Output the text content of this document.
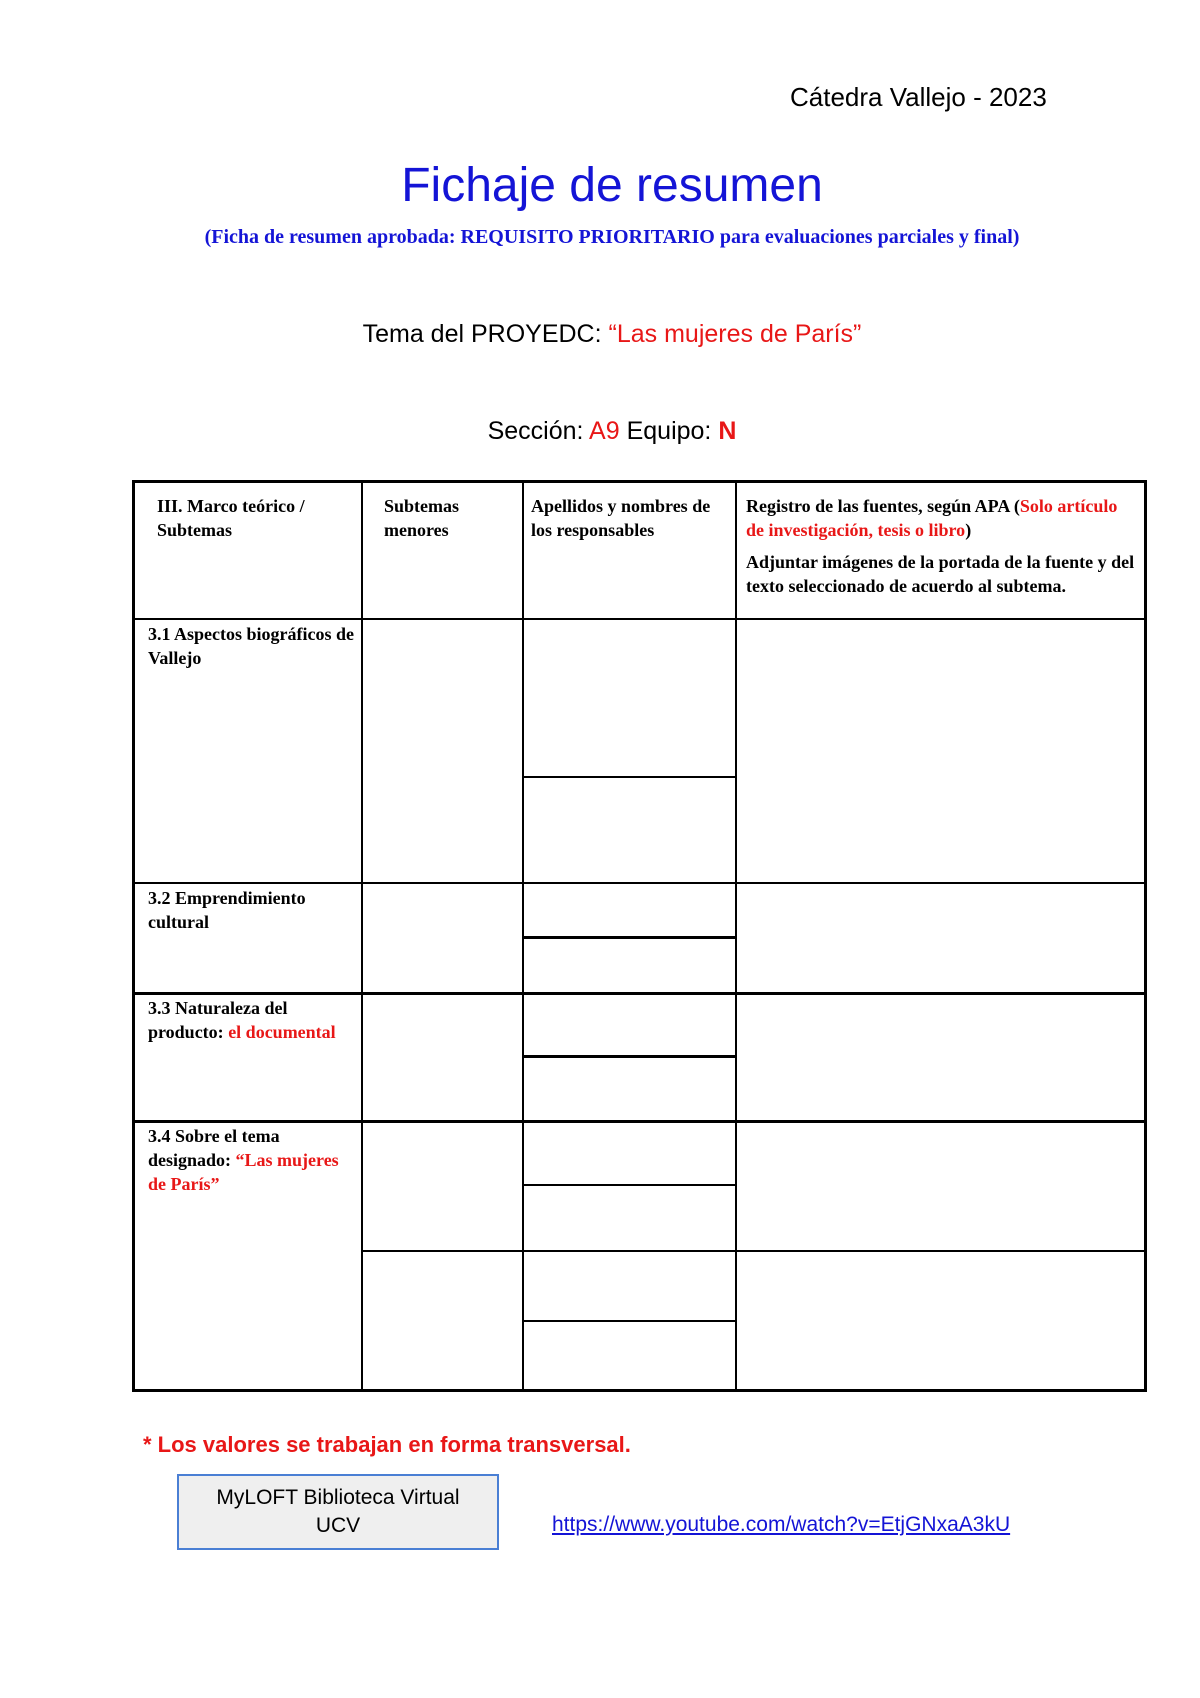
Cátedra Vallejo - 2023
Fichaje de resumen
(Ficha de resumen aprobada: REQUISITO PRIORITARIO para evaluaciones parciales y final)
Tema del PROYEDC: “Las mujeres de París”
Sección: A9 Equipo: N
III. Marco teórico / Subtemas
Subtemas menores
Apellidos y nombres de los responsables
Registro de las fuentes, según APA (Solo artículo de investigación, tesis o libro)
Adjuntar imágenes de la portada de la fuente y del texto seleccionado de acuerdo al subtema.
3.1 Aspectos biográficos de Vallejo
3.2 Emprendimiento cultural
3.3 Naturaleza del producto: el documental
3.4 Sobre el tema designado: “Las mujeres de París”
* Los valores se trabajan en forma transversal.
MyLOFT Biblioteca Virtual
UCV	https://www.youtube.com/watch?v=EtjGNxaA3kU
